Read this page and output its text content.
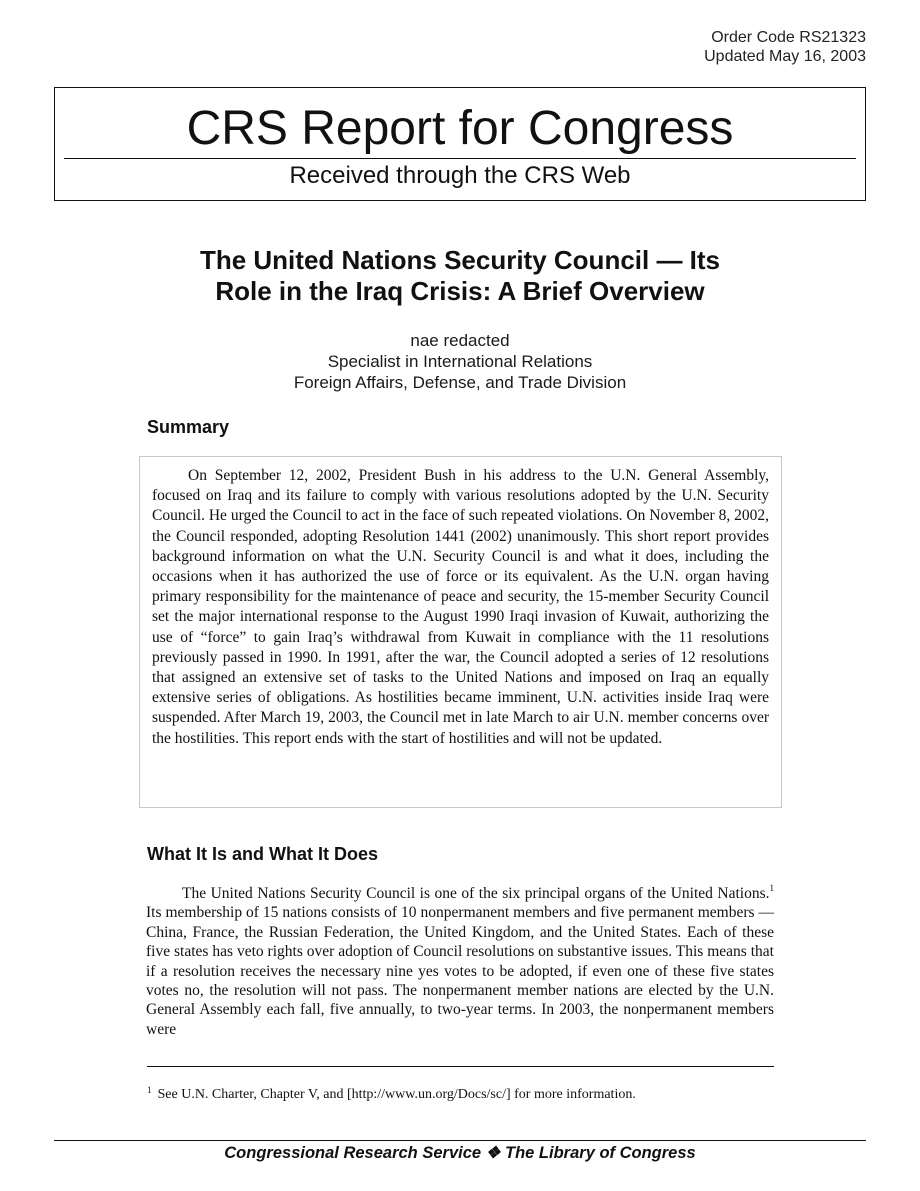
Order Code RS21323
Updated May 16, 2003
CRS Report for Congress
Received through the CRS Web
The United Nations Security Council — Its
Role in the Iraq Crisis: A Brief Overview
nae redacted
Specialist in International Relations
Foreign Affairs, Defense, and Trade Division
Summary

On September 12, 2002, President Bush in his address to the U.N. General Assembly, focused on Iraq and its failure to comply with various resolutions adopted by the U.N. Security Council. He urged the Council to act in the face of such repeated violations. On November 8, 2002, the Council responded, adopting Resolution 1441 (2002) unanimously. This short report provides background information on what the U.N. Security Council is and what it does, including the occasions when it has authorized the use of force or its equivalent. As the U.N. organ having primary responsibility for the maintenance of peace and security, the 15-member Security Council set the major international response to the August 1990 Iraqi invasion of Kuwait, authorizing the use of “force” to gain Iraq’s withdrawal from Kuwait in compliance with the 11 resolutions previously passed in 1990. In 1991, after the war, the Council adopted a series of 12 resolutions that assigned an extensive set of tasks to the United Nations and imposed on Iraq an equally extensive series of obligations. As hostilities became imminent, U.N. activities inside Iraq were suspended. After March 19, 2003, the Council met in late March to air U.N. member concerns over the hostilities. This report ends with the start of hostilities and will not be updated.

What It Is and What It Does

The United Nations Security Council is one of the six principal organs of the United Nations.$^1$ Its membership of 15 nations consists of 10 nonpermanent members and five permanent members — China, France, the Russian Federation, the United Kingdom, and the United States. Each of these five states has veto rights over adoption of Council resolutions on substantive issues. This means that if a resolution receives the necessary nine yes votes to be adopted, if even one of these five states votes no, the resolution will not pass. The nonpermanent member nations are elected by the U.N. General Assembly each fall, five annually, to two-year terms. In 2003, the nonpermanent members were

$^1$ See U.N. Charter, Chapter V, and [http://www.un.org/Docs/sc/] for more information.
Congressional Research Service ❖ The Library of Congress
